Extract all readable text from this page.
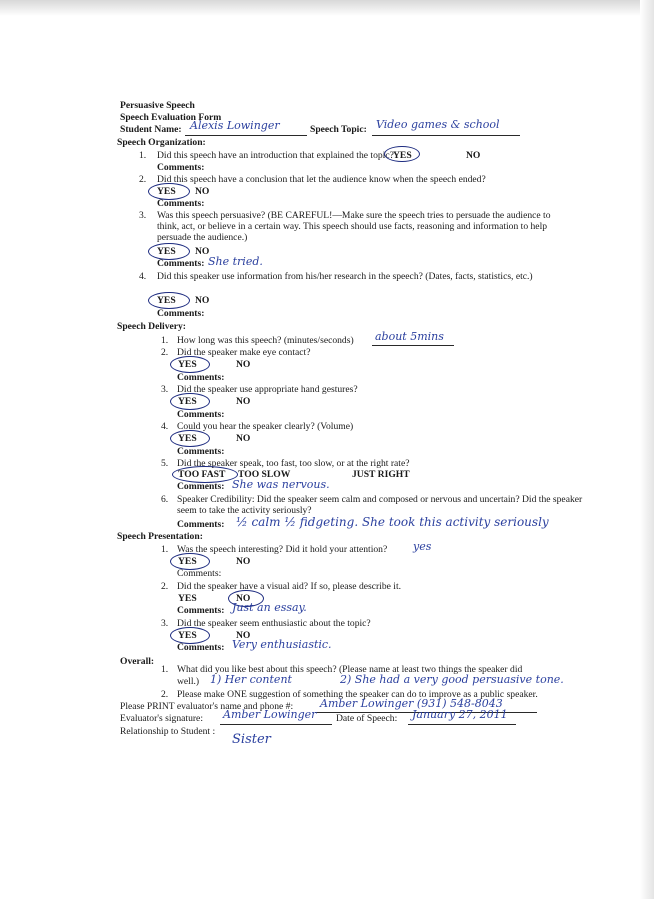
Persuasive Speech
Speech Evaluation Form
Student Name: Alexis Lowinger	Speech Topic: Video games & school
Speech Organization:
1. Did this speech have an introduction that explained the topic? YES	NO
Comments:
2. Did this speech have a conclusion that let the audience know when the speech ended?
YES NO
Comments:
3. Was this speech persuasive? (BE CAREFUL!—Make sure the speech tries to persuade the audience to think, act, or believe in a certain way. This speech should use facts, reasoning and information to help persuade the audience.)
YES NO
Comments: She tried.
4. Did this speaker use information from his/her research in the speech? (Dates, facts, statistics, etc.)
YES NO
Comments:
Speech Delivery:
1. How long was this speech? (minutes/seconds) about 5mins
2. Did the speaker make eye contact?
YES	NO
Comments:
3. Did the speaker use appropriate hand gestures?
YES	NO
Comments:
4. Could you hear the speaker clearly? (Volume)
YES	NO
Comments:
5. Did the speaker speak, too fast, too slow, or at the right rate?
TOO FAST TOO SLOW	JUST RIGHT
Comments: She was nervous.
6. Speaker Credibility: Did the speaker seem calm and composed or nervous and uncertain? Did the speaker seem to take the activity seriously?
Comments: ½ calm ½ fidgeting. She took this activity seriously
Speech Presentation:
1. Was the speech interesting? Did it hold your attention? yes
YES	NO
Comments:
2. Did the speaker have a visual aid? If so, please describe it.
YES	NO
Comments: Just an essay.
3. Did the speaker seem enthusiastic about the topic?
YES	NO
Comments: Very enthusiastic.
Overall:
1. What did you like best about this speech? (Please name at least two things the speaker did
well.) 1) Her content	2) She had a very good persuasive tone.
2. Please make ONE suggestion of something the speaker can do to improve as a public speaker.
Please PRINT evaluator's name and phone #: Amber Lowinger (931) 548-8043
Evaluator's signature: Amber Lowinger Date of Speech: January 27, 2011
Relationship to Student :
Sister
